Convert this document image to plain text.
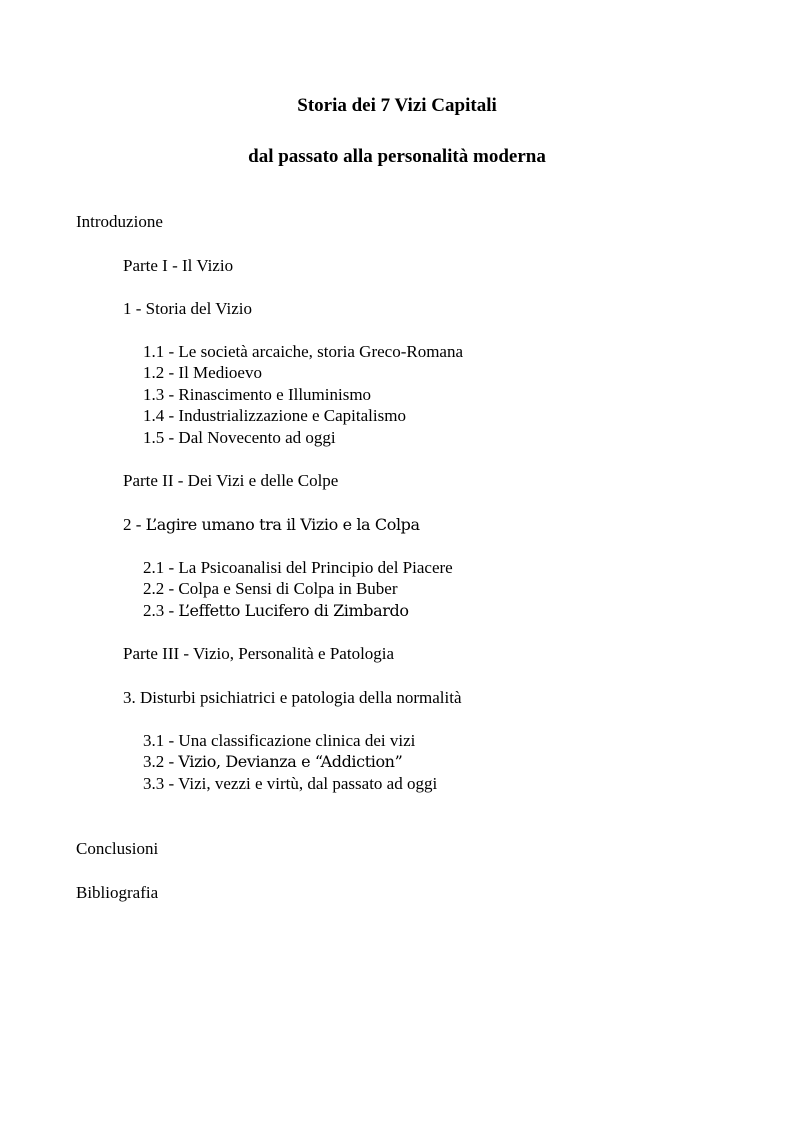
Storia dei 7 Vizi Capitali
dal passato alla personalità moderna
Introduzione
Parte I - Il Vizio
1 - Storia del Vizio
1.1 - Le società arcaiche, storia Greco-Romana
1.2 - Il Medioevo
1.3 - Rinascimento e Illuminismo
1.4 - Industrializzazione e Capitalismo
1.5 - Dal Novecento ad oggi
Parte II - Dei Vizi e delle Colpe
2 - L’agire umano tra il Vizio e la Colpa
2.1 - La Psicoanalisi del Principio del Piacere
2.2 - Colpa e Sensi di Colpa in Buber
2.3 - L’effetto Lucifero di Zimbardo
Parte III - Vizio, Personalità e Patologia
3. Disturbi psichiatrici e patologia della normalità
3.1 - Una classificazione clinica dei vizi
3.2 - Vizio, Devianza e “Addiction”
3.3 - Vizi, vezzi e virtù, dal passato ad oggi
Conclusioni
Bibliografia
